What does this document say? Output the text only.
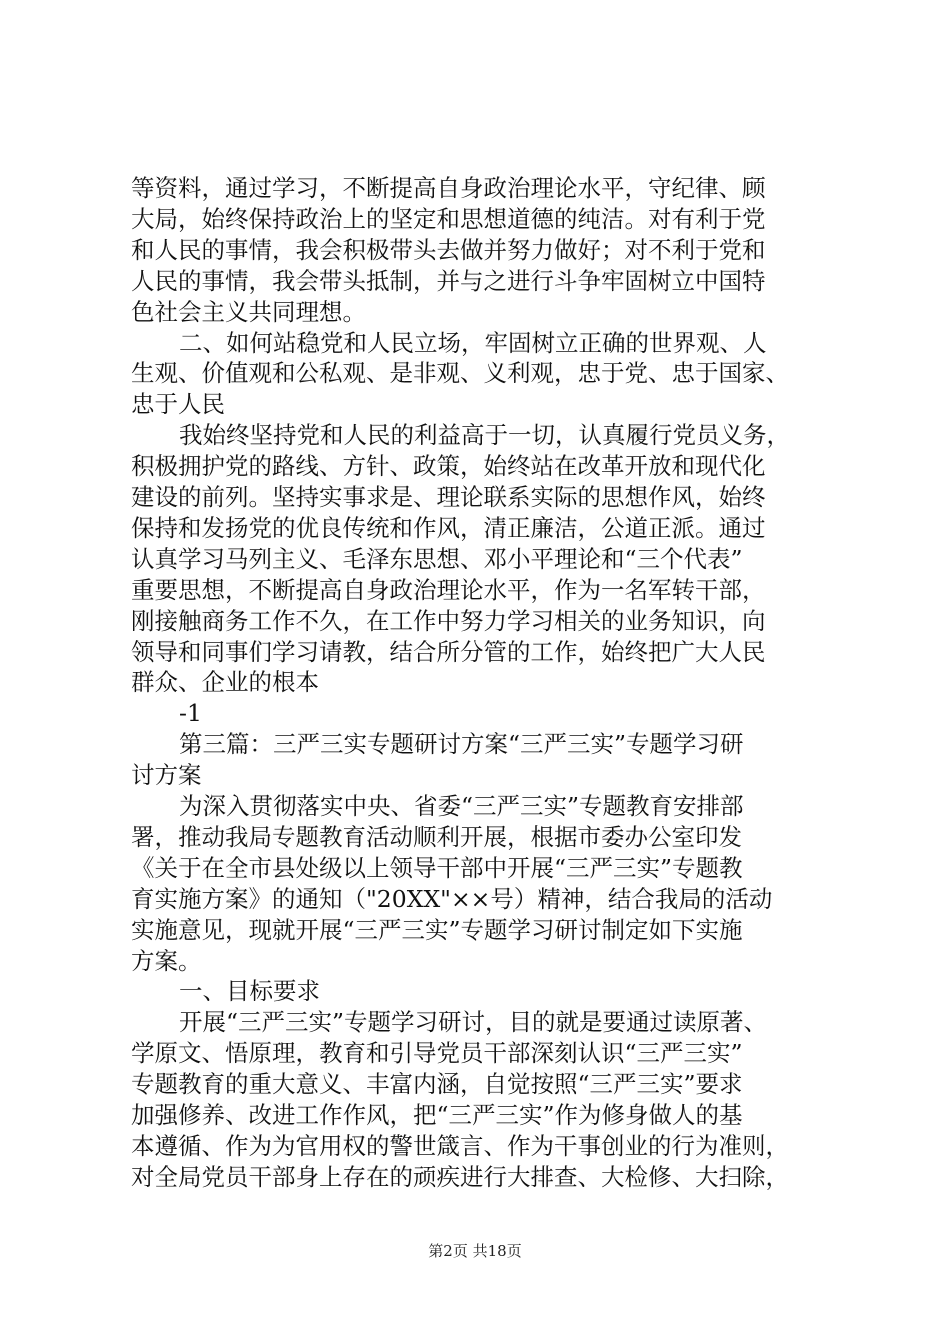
等资料，通过学习，不断提高自身政治理论水平，守纪律、顾
大局，始终保持政治上的坚定和思想道德的纯洁。对有利于党
和人民的事情，我会积极带头去做并努力做好；对不利于党和
人民的事情，我会带头抵制，并与之进行斗争牢固树立中国特
色社会主义共同理想。
二、如何站稳党和人民立场，牢固树立正确的世界观、人
生观、价值观和公私观、是非观、义利观，忠于党、忠于国家、
忠于人民
我始终坚持党和人民的利益高于一切，认真履行党员义务，
积极拥护党的路线、方针、政策，始终站在改革开放和现代化
建设的前列。坚持实事求是、理论联系实际的思想作风，始终
保持和发扬党的优良传统和作风，清正廉洁，公道正派。通过
认真学习马列主义、毛泽东思想、邓小平理论和“三个代表”
重要思想，不断提高自身政治理论水平，作为一名军转干部，
刚接触商务工作不久，在工作中努力学习相关的业务知识，向
领导和同事们学习请教，结合所分管的工作，始终把广大人民
群众、企业的根本
-1
第三篇：三严三实专题研讨方案“三严三实”专题学习研
讨方案
为深入贯彻落实中央、省委“三严三实”专题教育安排部
署，推动我局专题教育活动顺利开展，根据市委办公室印发
《关于在全市县处级以上领导干部中开展“三严三实”专题教
育实施方案》的通知（"20XX"××号）精神，结合我局的活动
实施意见，现就开展“三严三实”专题学习研讨制定如下实施
方案。
一、目标要求
开展“三严三实”专题学习研讨，目的就是要通过读原著、
学原文、悟原理，教育和引导党员干部深刻认识“三严三实”
专题教育的重大意义、丰富内涵，自觉按照“三严三实”要求
加强修养、改进工作作风，把“三严三实”作为修身做人的基
本遵循、作为为官用权的警世箴言、作为干事创业的行为准则，
对全局党员干部身上存在的顽疾进行大排查、大检修、大扫除，
第2页 共18页
